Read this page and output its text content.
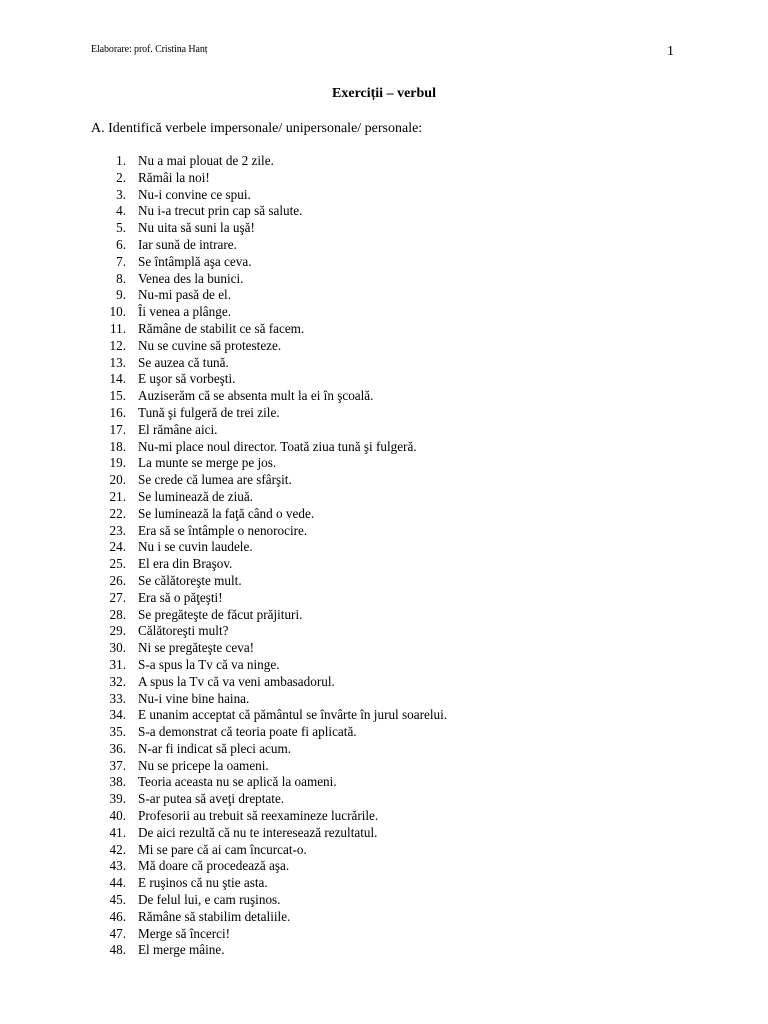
Elaborare: prof. Cristina Hanț	1
Exerciții – verbul
A. Identifică verbele impersonale/ unipersonale/ personale:
1. Nu a mai plouat de 2 zile.
2. Rămâi la noi!
3. Nu-i convine ce spui.
4. Nu i-a trecut prin cap să salute.
5. Nu uita să suni la uşă!
6. Iar sună de intrare.
7. Se întâmplă aşa ceva.
8. Venea des la bunici.
9. Nu-mi pasă de el.
10. Îi venea a plânge.
11. Rămâne de stabilit ce să facem.
12. Nu se cuvine să protesteze.
13. Se auzea că tună.
14. E uşor să vorbeşti.
15. Auziserăm că se absenta mult la ei în şcoală.
16. Tună şi fulgeră de trei zile.
17. El rămâne aici.
18. Nu-mi place noul director. Toată ziua tună şi fulgeră.
19. La munte se merge pe jos.
20. Se crede că lumea are sfârşit.
21. Se luminează de ziuă.
22. Se luminează la faţă când o vede.
23. Era să se întâmple o nenorocire.
24. Nu i se cuvin laudele.
25. El era din Braşov.
26. Se călătoreşte mult.
27. Era să o păţeşti!
28. Se pregăteşte de făcut prăjituri.
29. Călătoreşti mult?
30. Ni se pregăteşte ceva!
31. S-a spus la Tv că va ninge.
32. A spus la Tv că va veni ambasadorul.
33. Nu-i vine bine haina.
34. E unanim acceptat că pământul se învârte în jurul soarelui.
35. S-a demonstrat că teoria poate fi aplicată.
36. N-ar fi indicat să pleci acum.
37. Nu se pricepe la oameni.
38. Teoria aceasta nu se aplică la oameni.
39. S-ar putea să aveţi dreptate.
40. Profesorii au trebuit să reexamineze lucrările.
41. De aici rezultă că nu te interesează rezultatul.
42. Mi se pare că ai cam încurcat-o.
43. Mă doare că procedează aşa.
44. E ruşinos că nu ştie asta.
45. De felul lui, e cam ruşinos.
46. Rămâne să stabilim detaliile.
47. Merge să încerci!
48. El merge mâine.
